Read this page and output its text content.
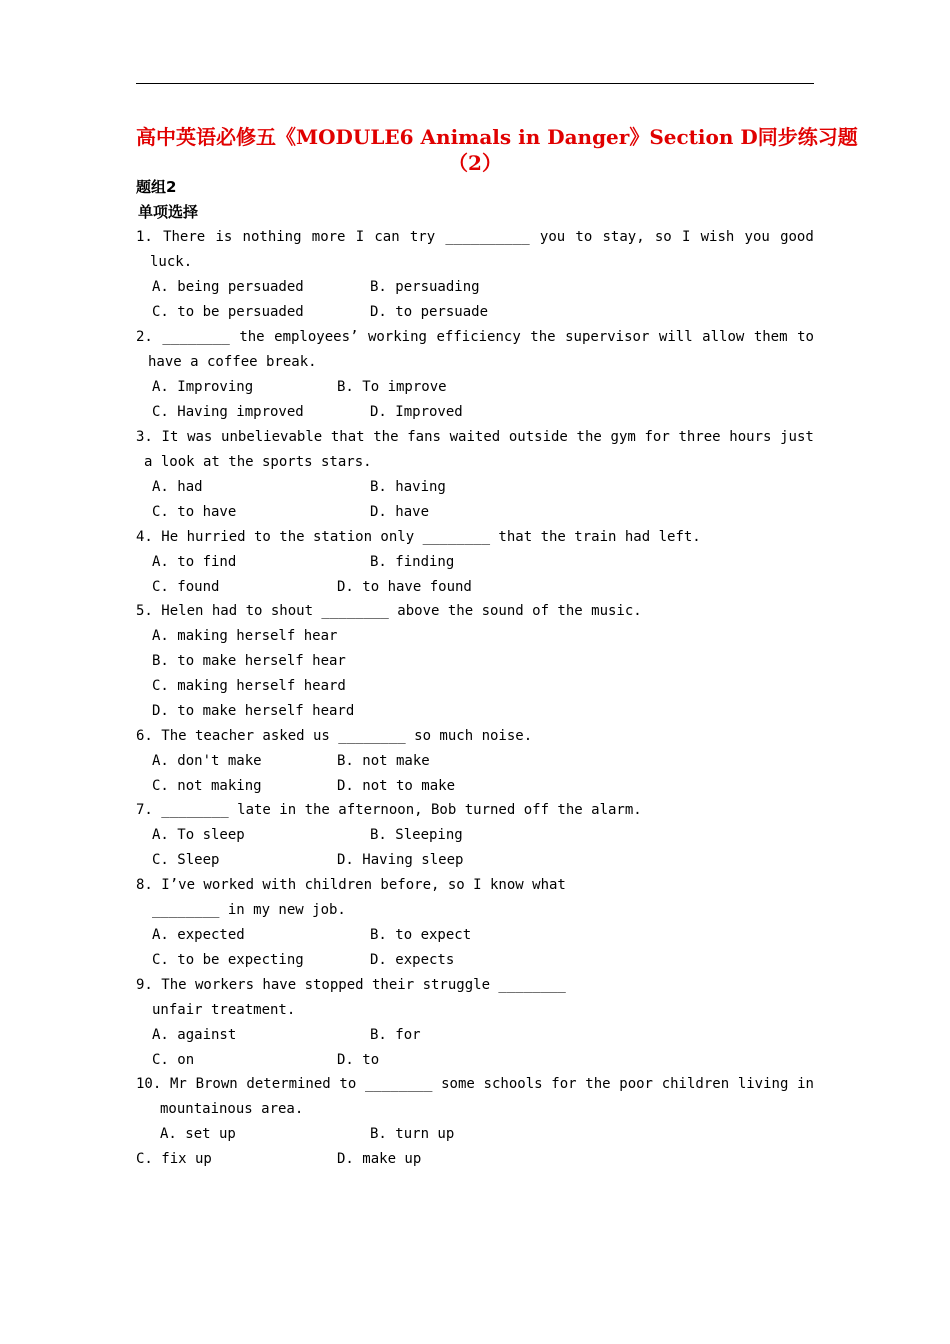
高中英语必修五《MODULE6 Animals in Danger》Section D同步练习题
（2）
题组2
单项选择
1. There is nothing more I can try __________ you to stay, so I wish you good
luck.
A. being persuaded	B. persuading
C. to be persuaded	D. to persuade
2. ________ the employees’ working efficiency the supervisor will allow them to
have a coffee break.
A. Improving	B. To improve
C. Having improved	D. Improved
3. It was unbelievable that the fans waited outside the gym for three hours just
a look at the sports stars.
A. had	B. having
C. to have	D. have
4. He hurried to the station only ________ that the train had left.
A. to find	B. finding
C. found	D. to have found
5. Helen had to shout ________ above the sound of the music.
A. making herself hear
B. to make herself hear
C. making herself heard
D. to make herself heard
6. The teacher asked us ________ so much noise.
A. don't make	B. not make
C. not making	D. not to make
7. ________ late in the afternoon, Bob turned off the alarm.
A. To sleep	B. Sleeping
C. Sleep	D. Having sleep
8. I’ve worked with children before, so I know what
________ in my new job.
A. expected	B. to expect
C. to be expecting	D. expects
9. The workers have stopped their struggle ________
unfair treatment.
A. against	B. for
C. on	D. to
10. Mr Brown determined to ________ some schools for the poor children living in
mountainous area.
A. set up	B. turn up
C. fix up	D. make up
